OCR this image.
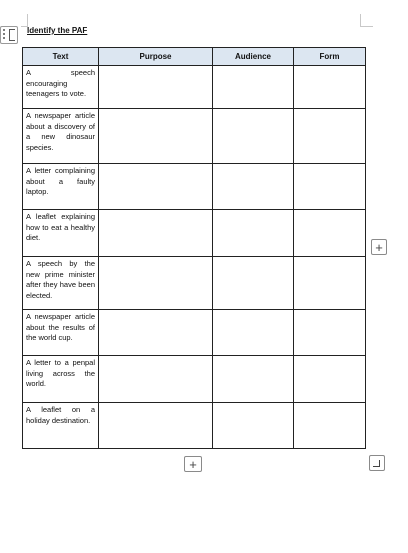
Identify the PAF
Text	Purpose	Audience	Form
A speech encouraging teenagers to vote.			
A newspaper article about a discovery of a new dinosaur species.			
A letter complaining about a faulty laptop.			
A leaflet explaining how to eat a healthy diet.			
A speech by the new prime minister after they have been elected.			
A newspaper article about the results of the world cup.			
A letter to a penpal living across the world.			
A leaflet on a holiday destination.			
+
+
